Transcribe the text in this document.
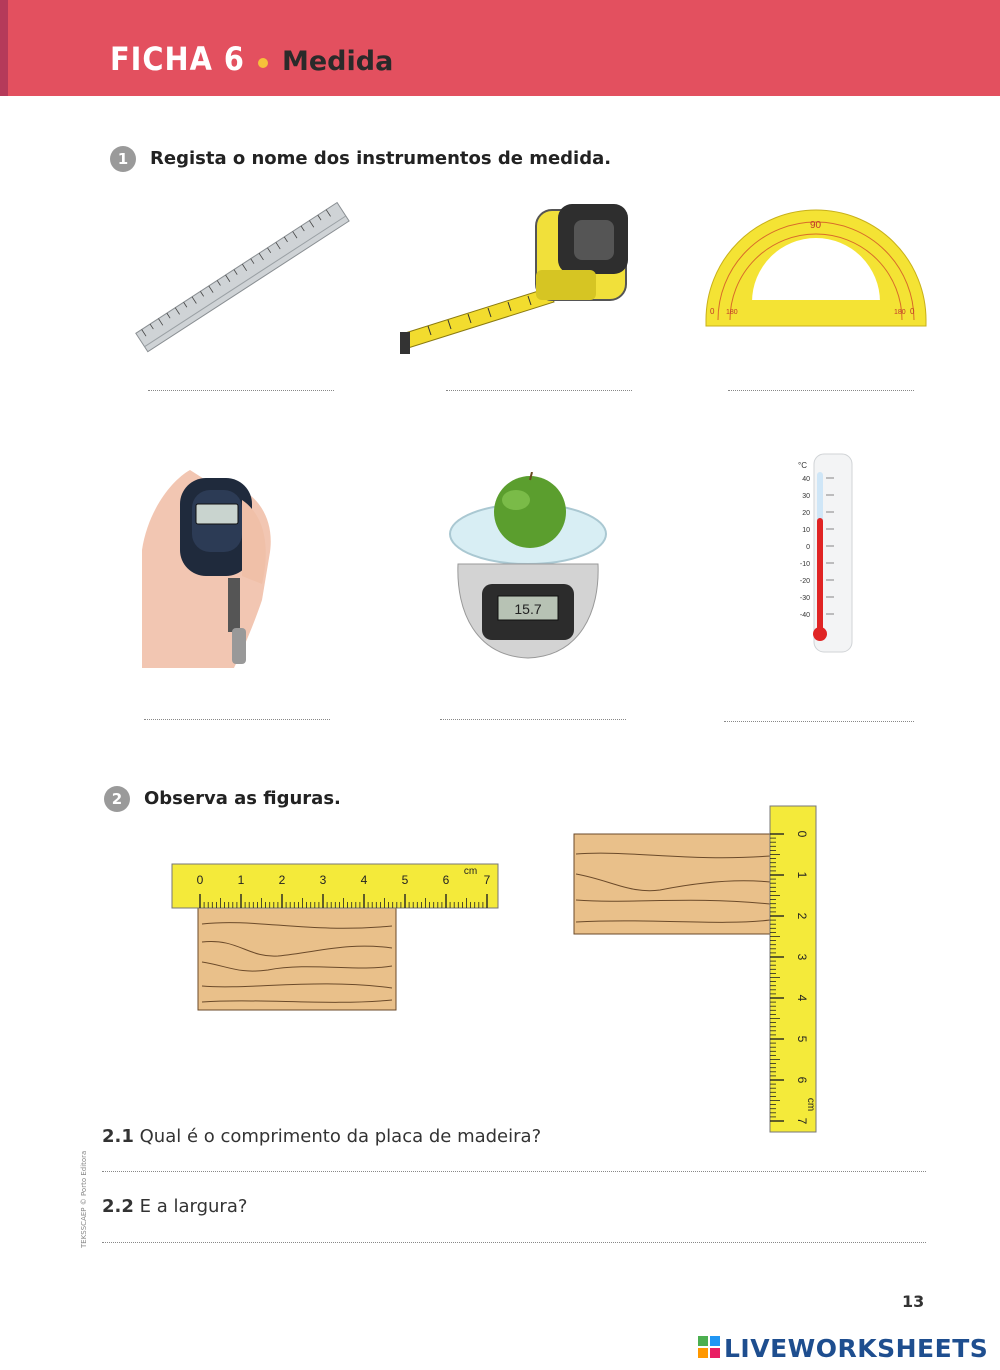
FICHA 6 Medida
1	Regista o nome dos instrumentos de medida.
0
90
0
180	180
15.7
°C
40
30
20
10
0
-10
-20
-30
-40
2	Observa as figuras.
0	1	2	3	4	5	6	7
cm
0
1
2
3
4
5
6
7
cm
2.1 Qual é o comprimento da placa de madeira?
2.2 E a largura?
TEKSSCAEP © Porto Editora
13
LIVEWORKSHEETS
